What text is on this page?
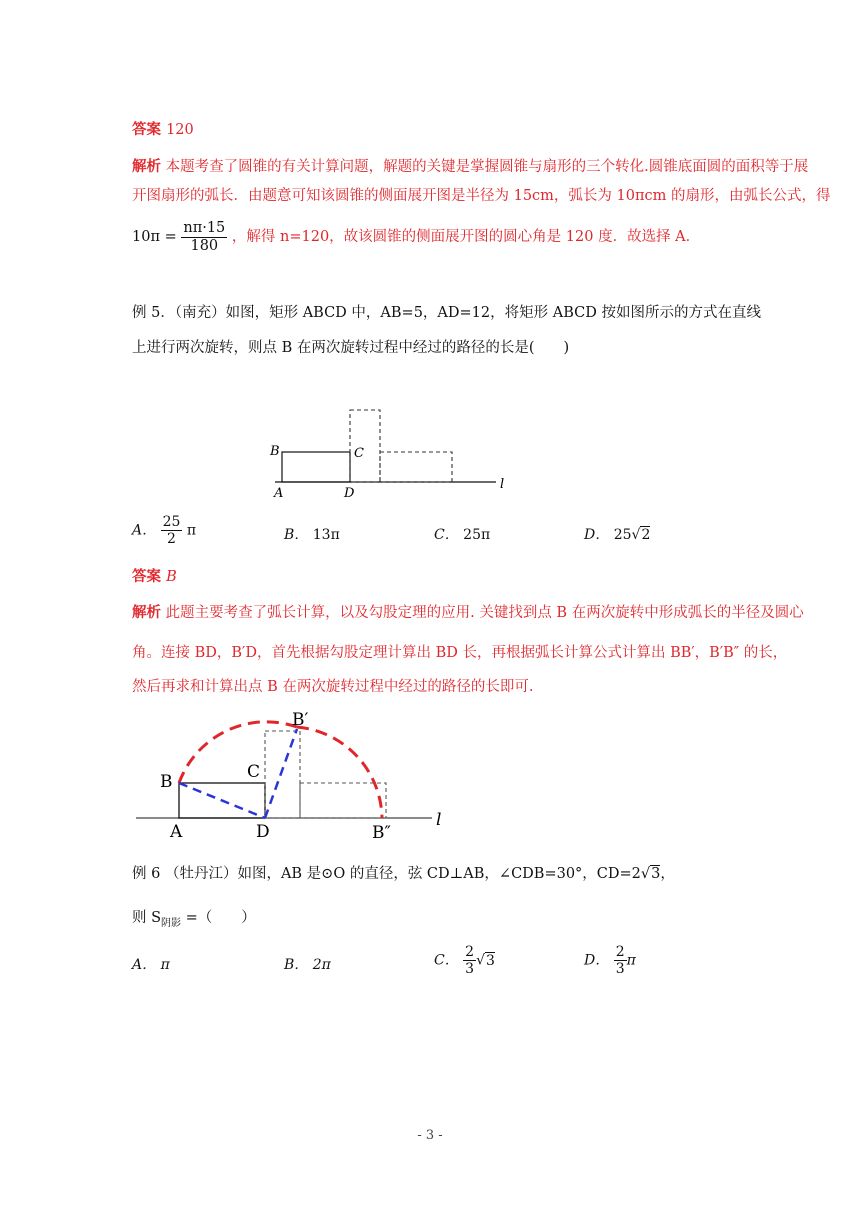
答案 120
解析 本题考查了圆锥的有关计算问题，解题的关键是掌握圆锥与扇形的三个转化.圆锥底面圆的面积等于展
开图扇形的弧长．由题意可知该圆锥的侧面展开图是半径为 15cm，弧长为 10πcm 的扇形，由弧长公式，得
$10\pi = \frac{n\pi\cdot 15}{180}$ ，解得 n=120，故该圆锥的侧面展开图的圆心角是 120 度．故选择 A．
例 5．（南充）如图，矩形 ABCD 中，AB=5，AD=12，将矩形 ABCD 按如图所示的方式在直线
上进行两次旋转，则点 B 在两次旋转过程中经过的路径的长是(　　)
B	C
A	D
l
A． $\frac{25}{2}$ π	B． 13π	C． 25π	D． 25√2
答案 B
解析 此题主要考查了弧长计算，以及勾股定理的应用. 关键找到点 B 在两次旋转中形成弧长的半径及圆心
角。连接 BD，B′D，首先根据勾股定理计算出 BD 长，再根据弧长计算公式计算出 BB′，B′B″ 的长，
然后再求和计算出点 B 在两次旋转过程中经过的路径的长即可.
B
B′
C
A	D	B″
l
例 6 （牡丹江）如图，AB 是⊙O 的直径，弦 CD⊥AB，∠CDB=30°，CD=2√3，
则 $S_{阴影}$ =（　　）
A． π	B． 2π	C． $\frac{2}{3} √3$	D． $\frac{2}{3}$ π
- 3 -
